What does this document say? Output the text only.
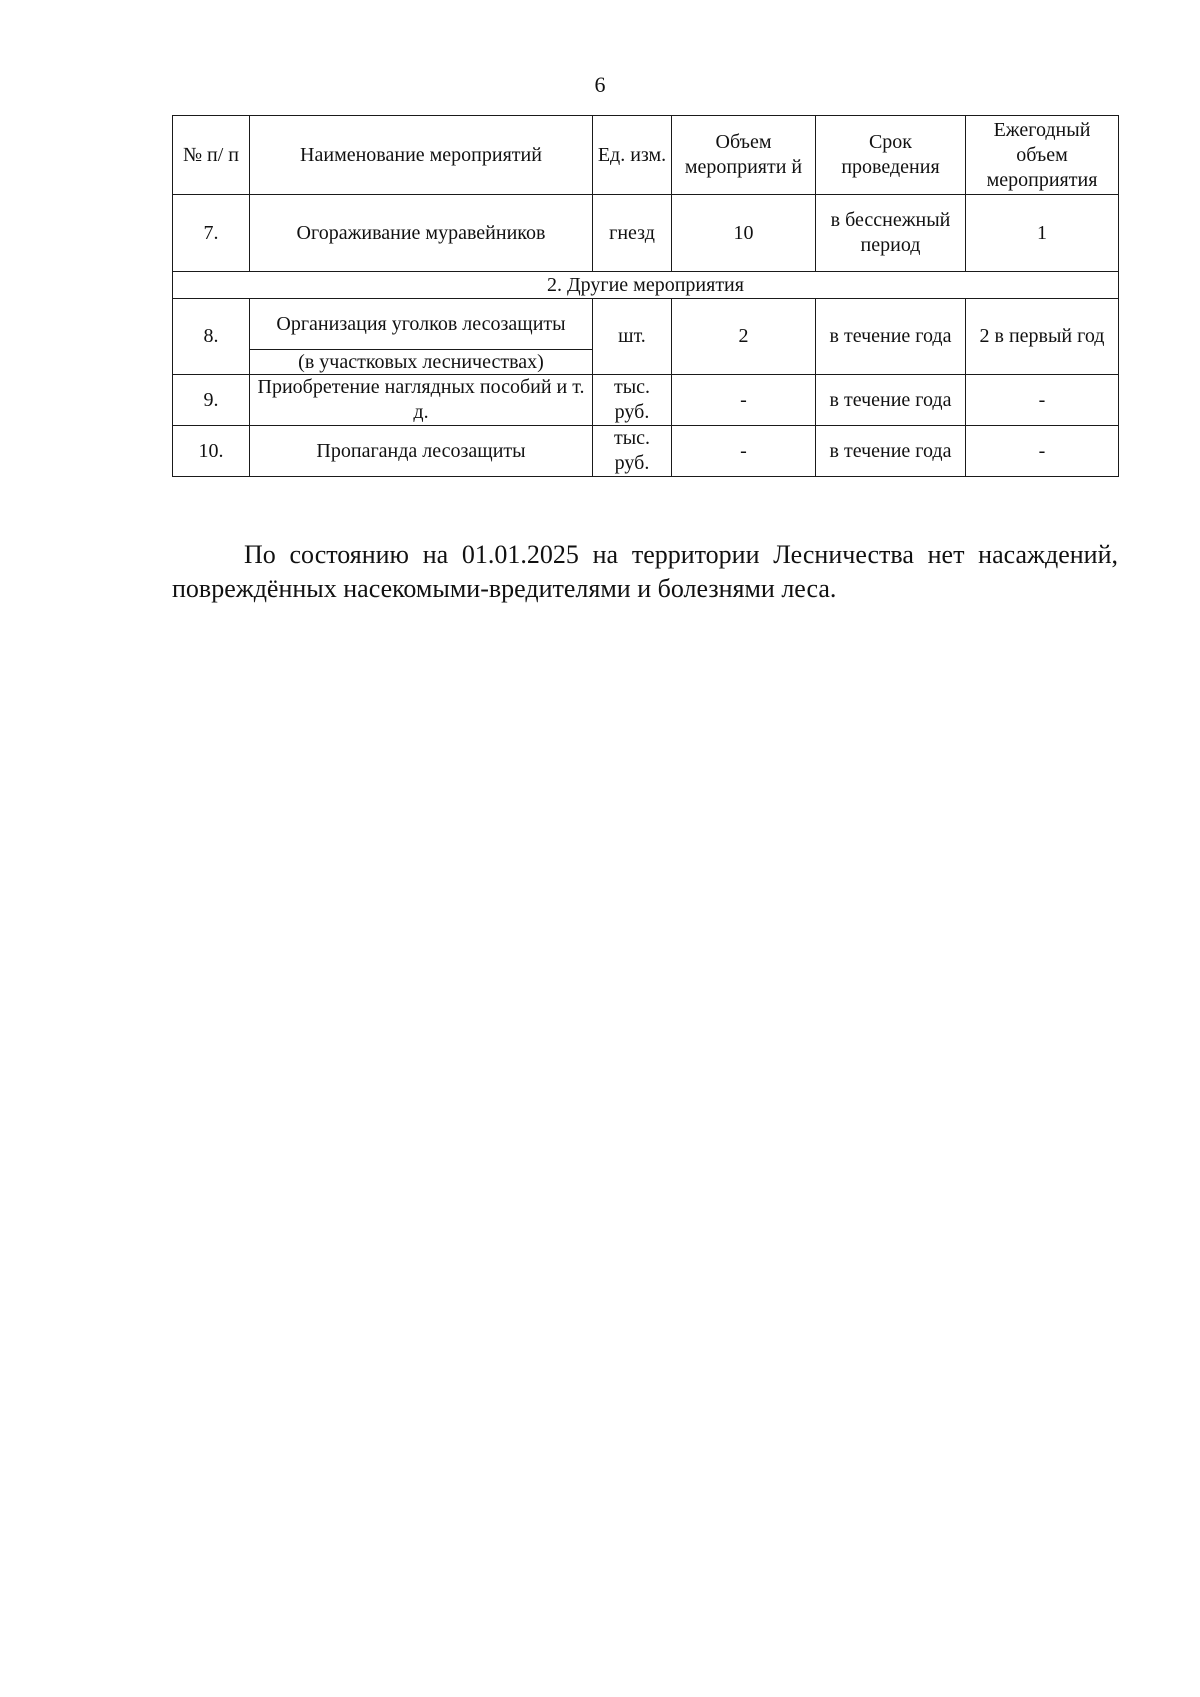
6
№ п/ п	Наименование мероприятий	Ед. изм.	Объем мероприяти й	Срок проведения	Ежегодный объем мероприятия
7.	Огораживание муравейников	гнезд	10	в бесснежный период	1
2. Другие мероприятия					
8.	Организация уголков лесозащиты	шт.	2	в течение года	2 в первый год
	(в участковых лесничествах)				
9.	Приобретение наглядных пособий и т. д.	тыс. руб.	-	в течение года	-
10.	Пропаганда лесозащиты	тыс. руб.	-	в течение года	-

По состоянию на 01.01.2025 на территории Лесничества нет насаждений, повреждённых насекомыми-вредителями и болезнями леса.
